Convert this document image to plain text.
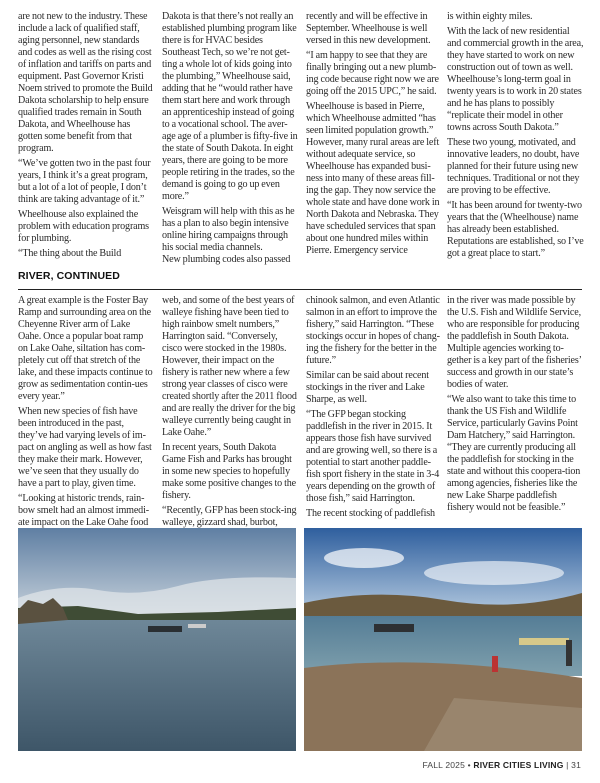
are not new to the industry. These include a lack of qualified staff, aging personnel, new standards and codes as well as the rising cost of inflation and tariffs on parts and equipment. Past Governor Kristi Noem strived to promote the Build Dakota scholarship to help ensure qualified trades remain in South Dakota, and Wheelhouse has gotten some benefit from that program.

“We’ve gotten two in the past four years, I think it’s a great program, but a lot of a lot of people, I don’t think are taking advantage of it.”

Wheelhouse also explained the problem with education programs for plumbing.

“The thing about the Build

Dakota is that there’s not really an established plumbing program like there is for HVAC besides Southeast Tech, so we’re not get-ting a whole lot of kids going into the plumbing,” Wheelhouse said, adding that he “would rather have them start here and work through an apprenticeship instead of going to a vocational school. The aver-age age of a plumber is fifty-five in the state of South Dakota. In eight years, there are going to be more people retiring in the trades, so the demand is going to go up even more.”

Weisgram will help with this as he has a plan to also begin intensive online hiring campaigns through his social media channels.

New plumbing codes also passed

recently and will be effective in September. Wheelhouse is well versed in this new development.

“I am happy to see that they are finally bringing out a new plumb-ing code because right now we are going off the 2015 UPC,” he said.

Wheelhouse is based in Pierre, which Wheelhouse admitted “has seen limited population growth.” However, many rural areas are left without adequate service, so Wheelhouse has expanded busi-ness into many of these areas fill-ing the gap. They now service the whole state and have done work in North Dakota and Nebraska. They have scheduled services that span about one hundred miles within Pierre. Emergency service

is within eighty miles.

With the lack of new residential and commercial growth in the area, they have started to work on new construction out of town as well. Wheelhouse’s long-term goal in twenty years is to work in 20 states and he has plans to possibly “replicate their model in other towns across South Dakota.”

These two young, motivated, and innovative leaders, no doubt, have planned for their future using new techniques. Traditional or not they are proving to be effective.

“It has been around for twenty-two years that the (Wheelhouse) name has already been established. Reputations are established, so I’ve got a great place to start.”

RIVER, CONTINUED

A great example is the Foster Bay Ramp and surrounding area on the Cheyenne River arm of Lake Oahe. Once a popular boat ramp on Lake Oahe, siltation has com-pletely cut off that stretch of the lake, and these impacts continue to grow as sedimentation contin-ues every year.”

When new species of fish have been introduced in the past, they’ve had varying levels of im-pact on angling as well as how fast they make their mark. However, we’ve seen that they usually do have a part to play, given time.

“Looking at historic trends, rain-bow smelt had an almost immedi-ate impact on the Lake Oahe food

web, and some of the best years of walleye fishing have been tied to high rainbow smelt numbers,” Harrington said. “Conversely, cisco were stocked in the 1980s. However, their impact on the fishery is rather new where a few strong year classes of cisco were created shortly after the 2011 flood and are really the driver for the big walleye currently being caught in Lake Oahe.”

In recent years, South Dakota Game Fish and Parks has brought in some new species to hopefully make some positive changes to the fishery.

“Recently, GFP has been stock-ing walleye, gizzard shad, burbot,

chinook salmon, and even Atlantic salmon in an effort to improve the fishery,” said Harrington. “These stockings occur in hopes of chang-ing the fishery for the better in the future.”

Similar can be said about recent stockings in the river and Lake Sharpe, as well.

“The GFP began stocking paddlefish in the river in 2015. It appears those fish have survived and are growing well, so there is a potential to start another paddle-fish sport fishery in the state in 3-4 years depending on the growth of those fish,” said Harrington.

The recent stocking of paddlefish

in the river was made possible by the U.S. Fish and Wildlife Service, who are responsible for producing the paddlefish in South Dakota. Multiple agencies working to-gether is a key part of the fisheries’ success and growth in our state’s bodies of water.

“We also want to take this time to thank the US Fish and Wildlife Service, particularly Gavins Point Dam Hatchery,” said Harrington. “They are currently producing all the paddlefish for stocking in the state and without this coopera-tion among agencies, fisheries like the new Lake Sharpe paddlefish fishery would not be feasible.”

FALL 2025 • RIVER CITIES LIVING | 31
